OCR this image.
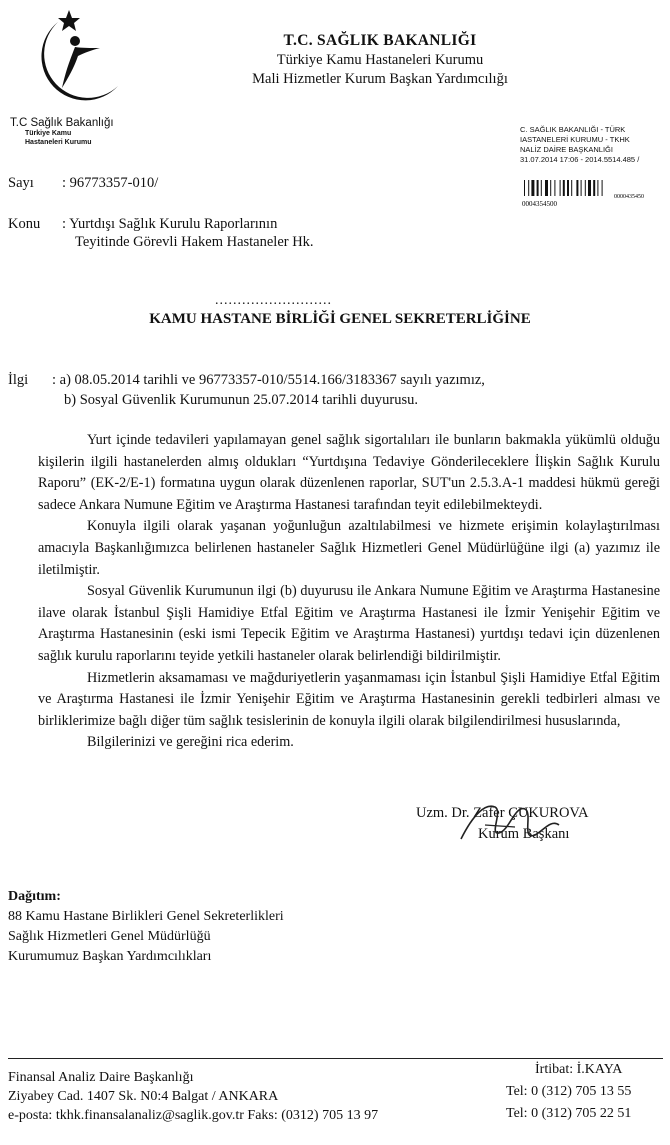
T.C Sağlık Bakanlığı
Türkiye Kamu
Hastaneleri Kurumu
T.C. SAĞLIK BAKANLIĞI
Türkiye Kamu Hastaneleri Kurumu
Mali Hizmetler Kurum Başkan Yardımcılığı
C. SAĞLIK BAKANLIĞI - TÜRK
IASTANELERİ KURUMU - TKHK
NALİZ DAİRE BAŞKANLIĞI
31.07.2014 17:06 - 2014.5514.485 /
0004354500
0000435450
Sayı : 96773357-010/
Konu : Yurtdışı Sağlık Kurulu Raporlarının
Teyitinde Görevli Hakem Hastaneler Hk.
..........................
KAMU HASTANE BİRLİĞİ GENEL SEKRETERLİĞİNE
İlgi : a) 08.05.2014 tarihli ve 96773357-010/5514.166/3183367 sayılı yazımız,
b) Sosyal Güvenlik Kurumunun 25.07.2014 tarihli duyurusu.

Yurt içinde tedavileri yapılamayan genel sağlık sigortalıları ile bunların bakmakla yükümlü olduğu kişilerin ilgili hastanelerden almış oldukları “Yurtdışına Tedaviye Gönderileceklere İlişkin Sağlık Kurulu Raporu” (EK-2/E-1) formatına uygun olarak düzenlenen raporlar, SUT'un 2.5.3.A-1 maddesi hükmü gereği sadece Ankara Numune Eğitim ve Araştırma Hastanesi tarafından teyit edilebilmekteydi.

Konuyla ilgili olarak yaşanan yoğunluğun azaltılabilmesi ve hizmete erişimin kolaylaştırılması amacıyla Başkanlığımızca belirlenen hastaneler Sağlık Hizmetleri Genel Müdürlüğüne ilgi (a) yazımız ile iletilmiştir.

Sosyal Güvenlik Kurumunun ilgi (b) duyurusu ile Ankara Numune Eğitim ve Araştırma Hastanesine ilave olarak İstanbul Şişli Hamidiye Etfal Eğitim ve Araştırma Hastanesi ile İzmir Yenişehir Eğitim ve Araştırma Hastanesinin (eski ismi Tepecik Eğitim ve Araştırma Hastanesi) yurtdışı tedavi için düzenlenen sağlık kurulu raporlarını teyide yetkili hastaneler olarak belirlendiği bildirilmiştir.

Hizmetlerin aksamaması ve mağduriyetlerin yaşanmaması için İstanbul Şişli Hamidiye Etfal Eğitim ve Araştırma Hastanesi ile İzmir Yenişehir Eğitim ve Araştırma Hastanesinin gerekli tedbirleri alması ve birliklerimize bağlı diğer tüm sağlık tesislerinin de konuyla ilgili olarak bilgilendirilmesi hususlarında,

Bilgilerinizi ve gereğini rica ederim.

Uzm. Dr. Zafer ÇUKUROVA
Kurum Başkanı
Dağıtım:
88 Kamu Hastane Birlikleri Genel Sekreterlikleri
Sağlık Hizmetleri Genel Müdürlüğü
Kurumumuz Başkan Yardımcılıkları
Finansal Analiz Daire Başkanlığı
Ziyabey Cad. 1407 Sk. N0:4 Balgat / ANKARA
e-posta: tkhk.finansalanaliz@saglik.gov.tr Faks: (0312) 705 13 97
İrtibat: İ.KAYA
Tel: 0 (312) 705 13 55
Tel: 0 (312) 705 22 51
